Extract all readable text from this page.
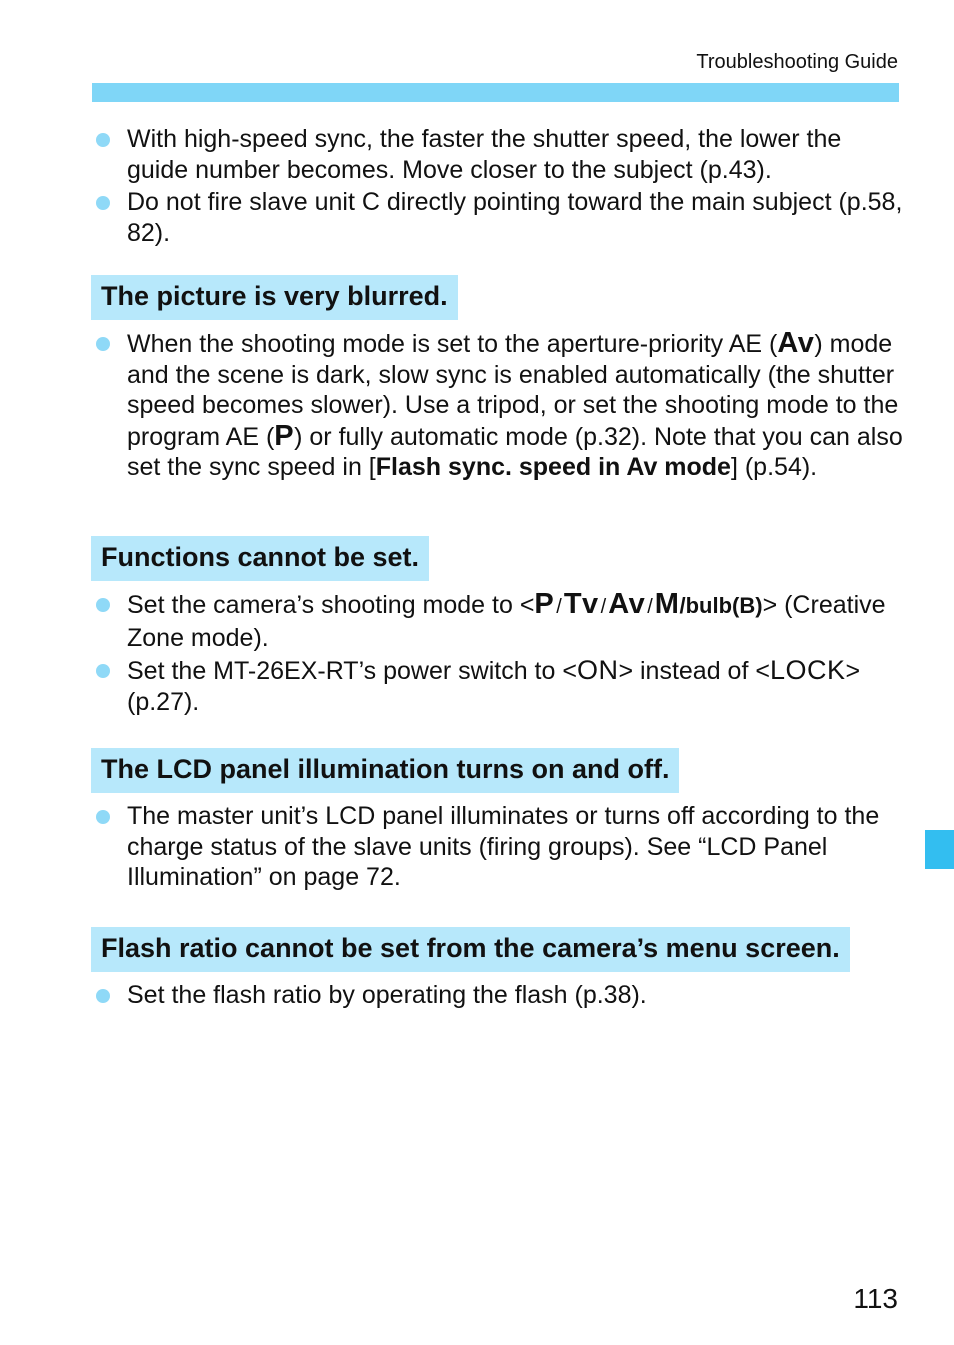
Troubleshooting Guide
With high-speed sync, the faster the shutter speed, the lower the guide number becomes. Move closer to the subject (p.43).
Do not fire slave unit C directly pointing toward the main subject (p.58, 82).
The picture is very blurred.
When the shooting mode is set to the aperture-priority AE (Av) mode and the scene is dark, slow sync is enabled automatically (the shutter speed becomes slower). Use a tripod, or set the shooting mode to the program AE (P) or fully automatic mode (p.32). Note that you can also set the sync speed in [Flash sync. speed in Av mode] (p.54).
Functions cannot be set.
Set the camera’s shooting mode to <P /Tv /Av /M/bulb(B)> (Creative Zone mode).
Set the MT-26EX-RT’s power switch to <ON> instead of <LOCK> (p.27).
The LCD panel illumination turns on and off.
The master unit’s LCD panel illuminates or turns off according to the charge status of the slave units (firing groups). See “LCD Panel Illumination” on page 72.
Flash ratio cannot be set from the camera’s menu screen.
Set the flash ratio by operating the flash (p.38).
113
